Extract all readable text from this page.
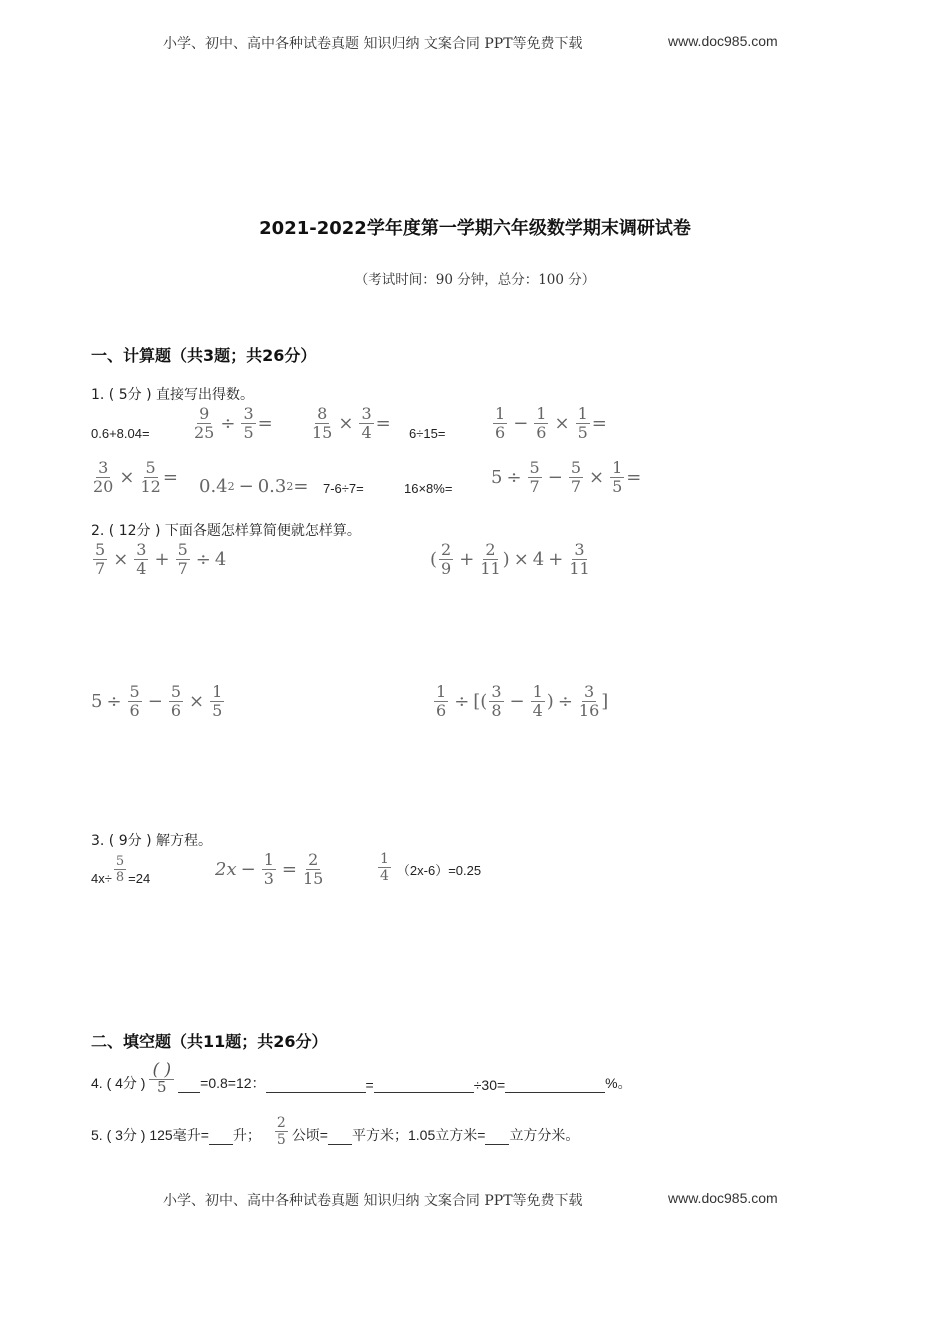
小学、初中、高中各种试卷真题 知识归纳 文案合同 PPT等免费下载	www.doc985.com
2021-2022学年度第一学期六年级数学期末调研试卷
（考试时间：90 分钟，总分：100 分）
一、计算题（共3题；共26分）
1. ( 5分 ) 直接写出得数。
0.6+8.04=	$\frac{9}{25} \div \frac{3}{5} = \frac{8}{15} \times \frac{3}{4} = 6\div 15=$	$\frac{1}{6} - \frac{1}{6} \times \frac{1}{5}$ =
$\frac{3}{20} \times \frac{5}{12} = 0.4$ 2 − 0.3 2 = 7-6÷7=	16×8%=
$5 \div \frac{5}{7} - \frac{5}{7} \times \frac{1}{5}$ =
2. ( 12分 ) 下面各题怎样算简便就怎样算。
$\frac{5}{7} \times \frac{3}{4} + \frac{5}{7} \div 4$	( $\frac{2}{9} + \frac{2}{11}$ ) × $4 + \frac{3}{11}$
$5 \div \frac{5}{6} - \frac{5}{6} \times \frac{1}{5}$	$\frac{1}{6}$ ÷ [( $\frac{3}{8} - \frac{1}{4}$ ) ÷ $\frac{3}{16}$ ]
3. ( 9分 ) 解方程。
$4x\div \frac{5}{8} =24$	$2x - \frac{1}{3} = \frac{2}{15}$	$\frac{1}{4} (2x-6)=0.25$
二、填空题（共11题；共26分）
4. ( 4分 ) $\frac{( )}{5} =0.8=12$：	=	÷30=	%。
5. ( 3分 ) 125毫升= 升； $\frac{2}{5}$ 公顷= 平方米；1.05立方米= 立方分米。
小学、初中、高中各种试卷真题 知识归纳 文案合同 PPT等免费下载	www.doc985.com
